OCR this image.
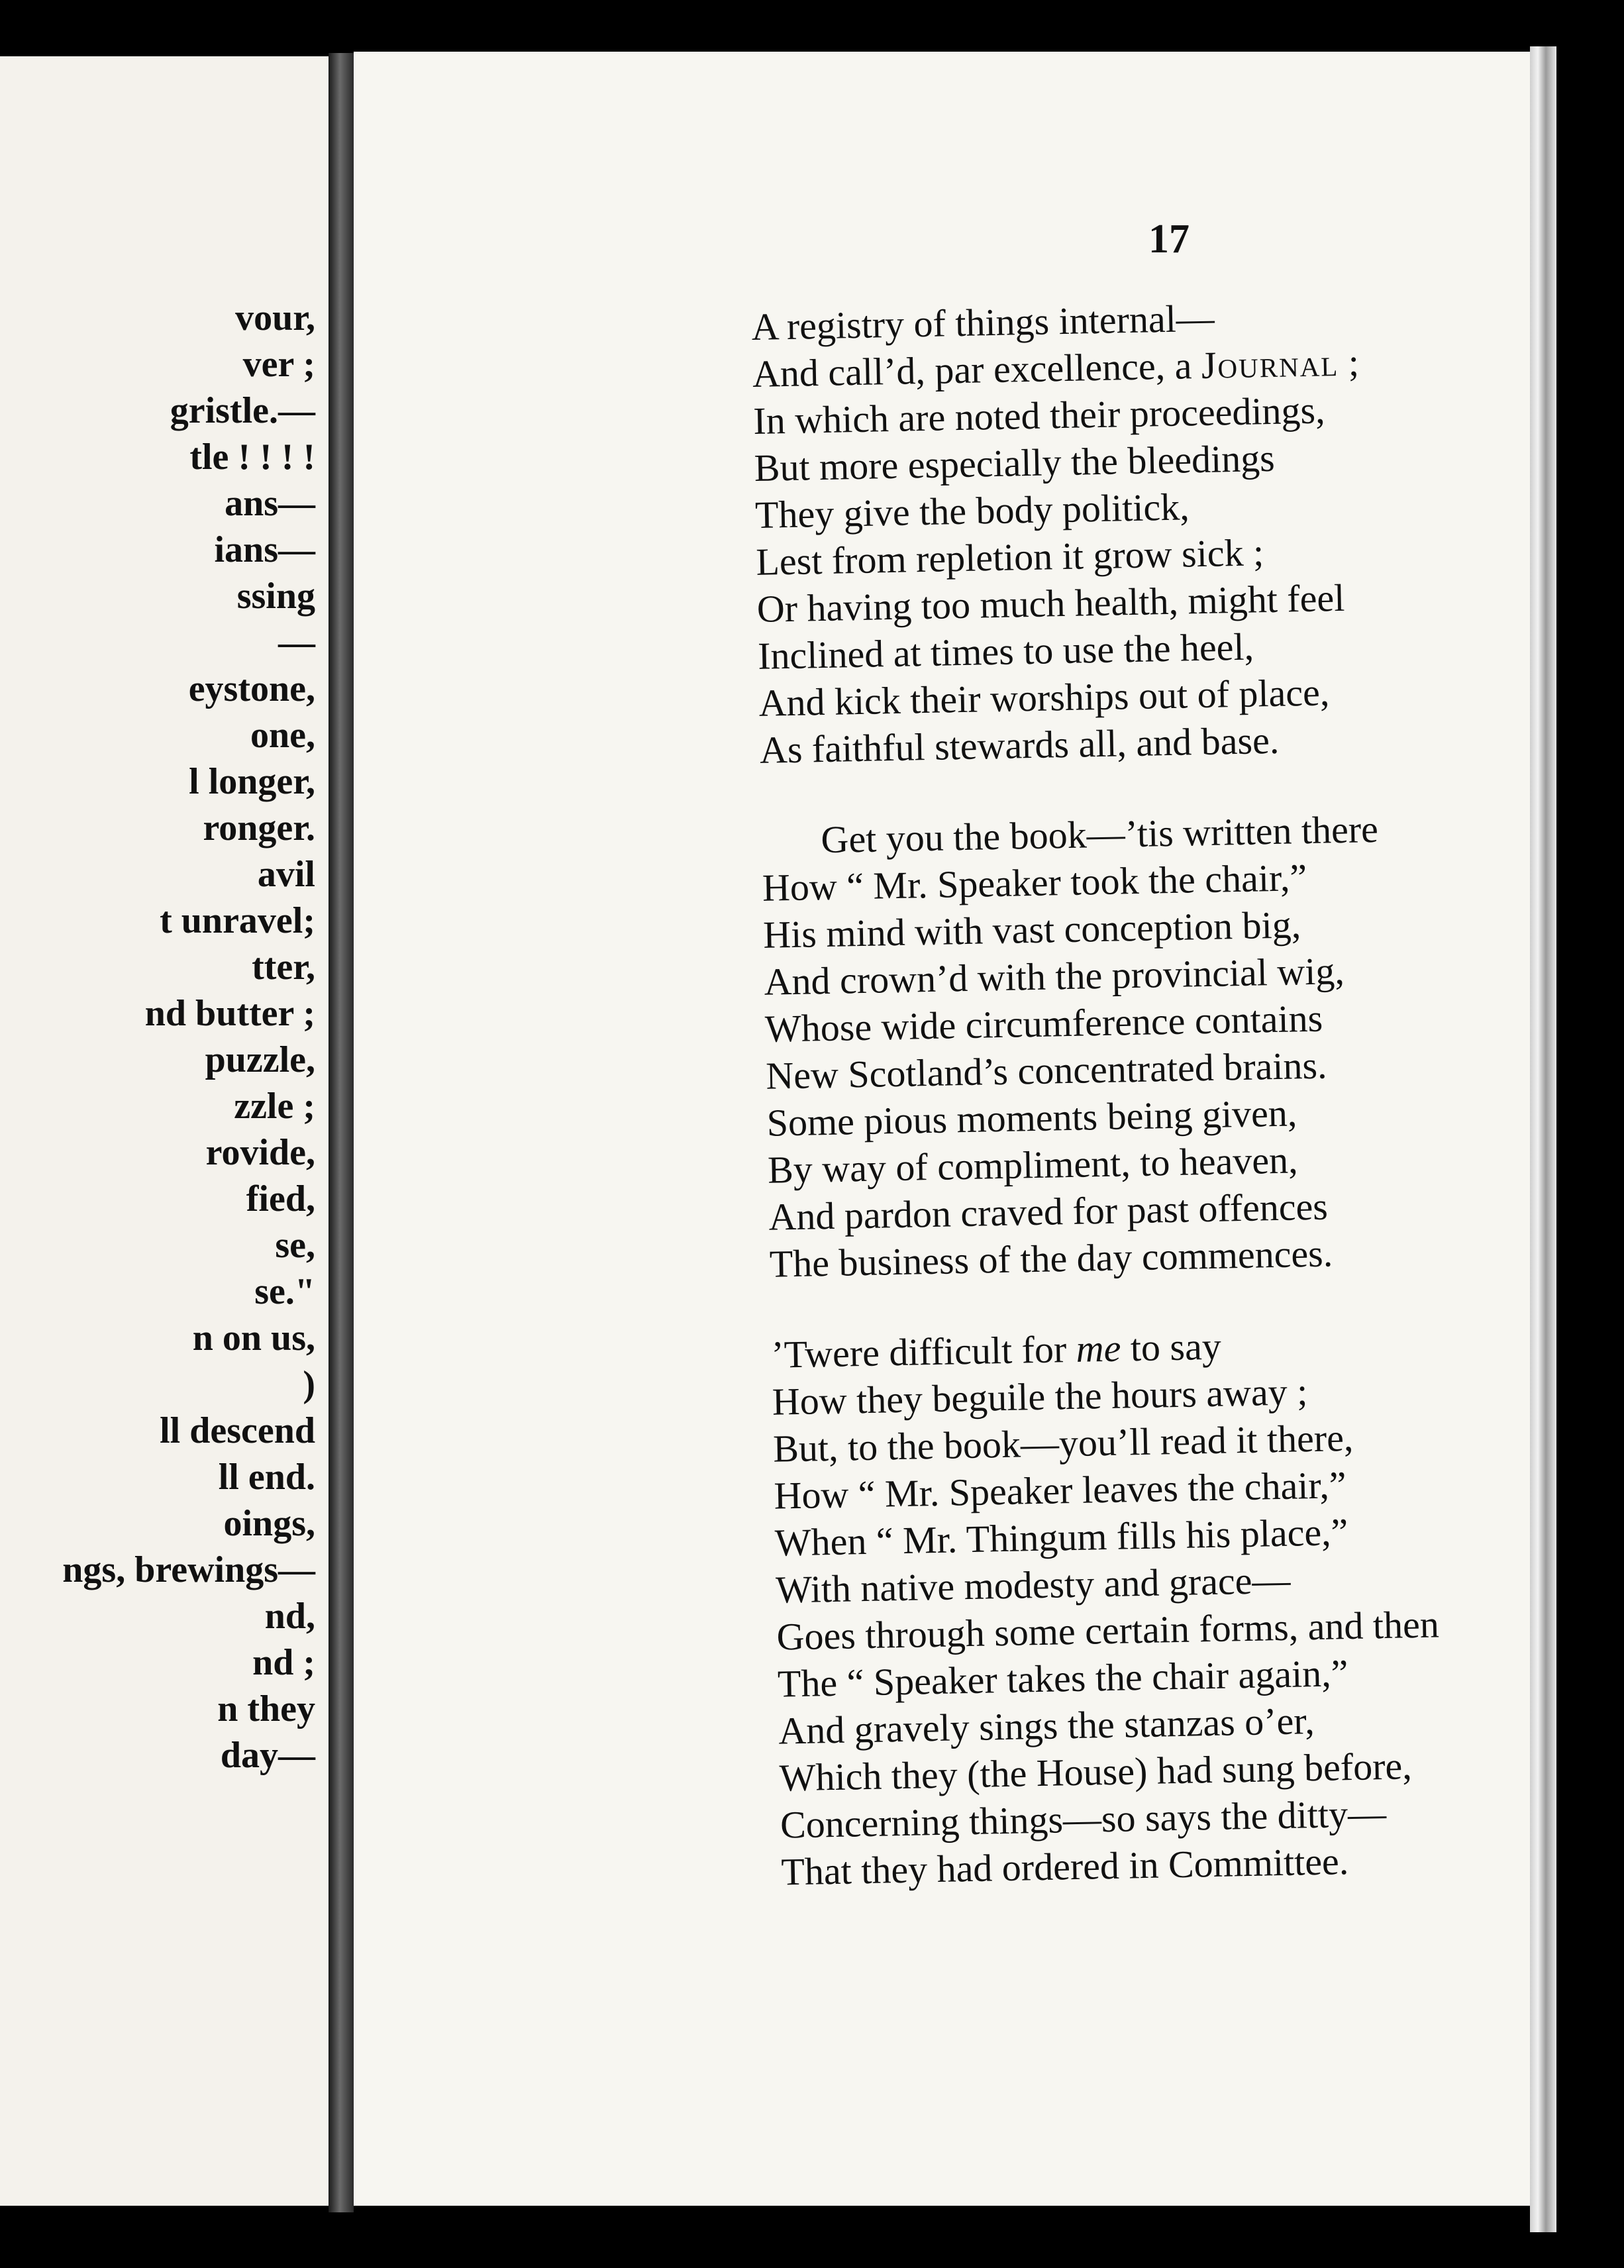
vour,
ver ;
gristle.—
tle ! ! ! !
ans—
ians—
ssing
—
eystone,
one,
l longer,
ronger.
avil
t unravel;
tter,
nd butter ;
puzzle,
zzle ;
rovide,
fied,
se,
se."
n on us,
)
ll descend
ll end.
oings,
ngs, brewings—
nd,
nd ;
n they
day—
17
A registry of things internal—
And call’d, par excellence, a Journal ;
In which are noted their proceedings,
But more especially the bleedings
They give the body politick,
Lest from repletion it grow sick ;
Or having too much health, might feel
Inclined at times to use the heel,
And kick their worships out of place,
As faithful stewards all, and base.
Get you the book—’tis written there
How “ Mr. Speaker took the chair,”
His mind with vast conception big,
And crown’d with the provincial wig,
Whose wide circumference contains
New Scotland’s concentrated brains.
Some pious moments being given,
By way of compliment, to heaven,
And pardon craved for past offences
The business of the day commences.
’Twere difficult for me to say
How they beguile the hours away ;
But, to the book—you’ll read it there,
How “ Mr. Speaker leaves the chair,”
When “ Mr. Thingum fills his place,”
With native modesty and grace—
Goes through some certain forms, and then
The “ Speaker takes the chair again,”
And gravely sings the stanzas o’er,
Which they (the House) had sung before,
Concerning things—so says the ditty—
That they had ordered in Committee.
